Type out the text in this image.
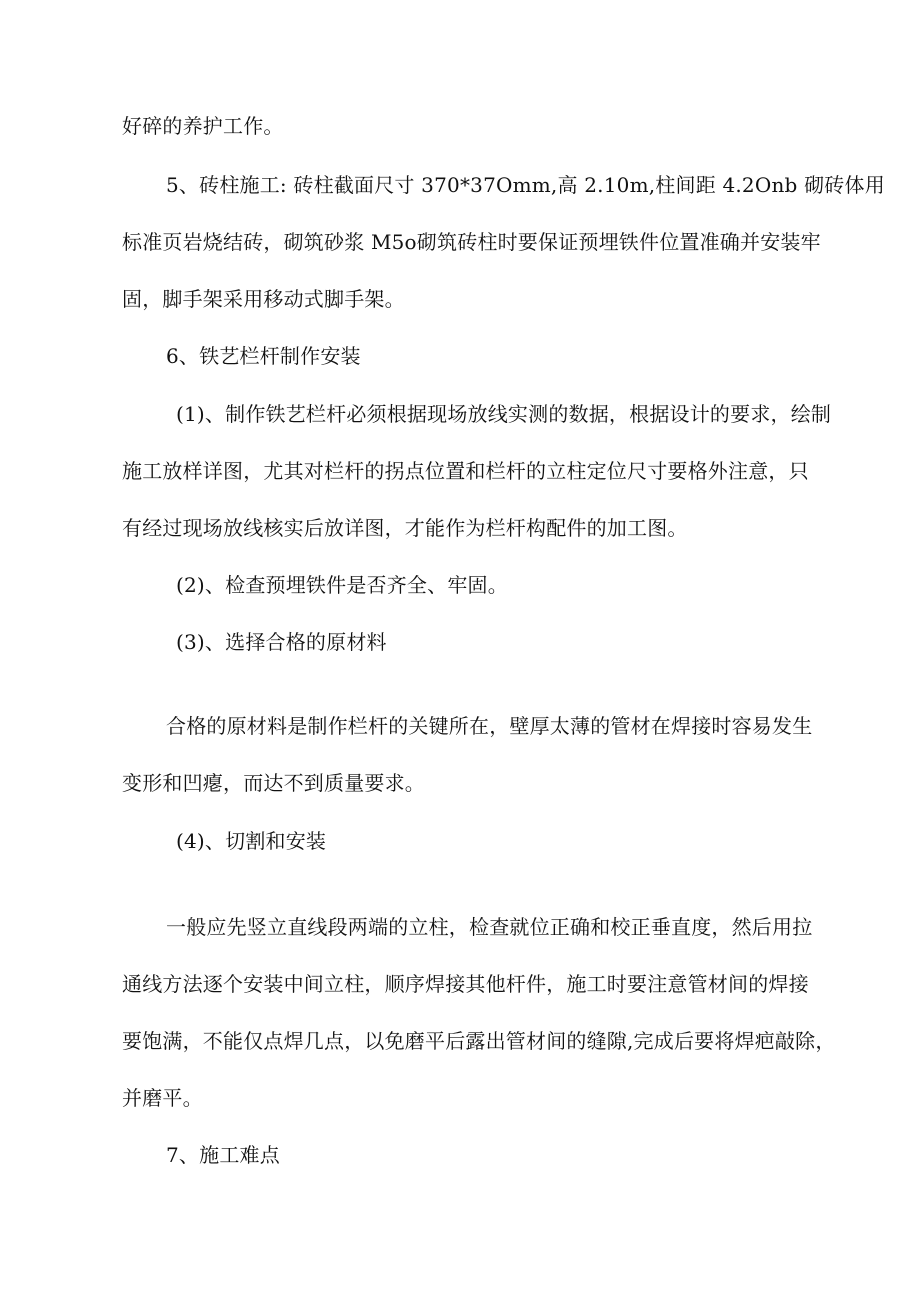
好碎的养护工作。
5、砖柱施工: 砖柱截面尺寸 370*37Omm,高 2.10m,柱间距 4.2Onb 砌砖体用
标准页岩烧结砖，砌筑砂浆 M5o砌筑砖柱时要保证预埋铁件位置准确并安装牢
固，脚手架采用移动式脚手架。
6、铁艺栏杆制作安装
(1)、制作铁艺栏杆必须根据现场放线实测的数据，根据设计的要求，绘制
施工放样详图，尤其对栏杆的拐点位置和栏杆的立柱定位尺寸要格外注意，只
有经过现场放线核实后放详图，才能作为栏杆构配件的加工图。
(2)、检查预埋铁件是否齐全、牢固。
(3)、选择合格的原材料
合格的原材料是制作栏杆的关键所在，壁厚太薄的管材在焊接时容易发生
变形和凹瘪，而达不到质量要求。
(4)、切割和安装
一般应先竖立直线段两端的立柱，检查就位正确和校正垂直度，然后用拉
通线方法逐个安装中间立柱，顺序焊接其他杆件，施工时要注意管材间的焊接
要饱满，不能仅点焊几点，以免磨平后露出管材间的缝隙,完成后要将焊疤敲除，
并磨平。
7、施工难点
